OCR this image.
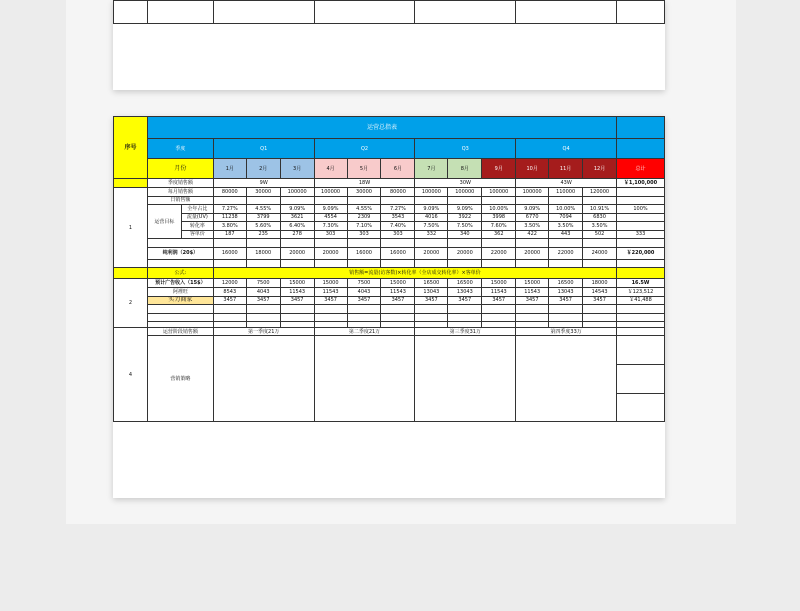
序号	运营总指表														
	季度		Q1			Q2			Q3			Q4			
	月份		1月	2月	3月	4月	5月	6月	7月	8月	9月	10月	11月	12月	总计
	季度销售额		9W			18W			30W			43W			￥1,100,000
1	每月销售额		80000	30000	100000	100000	30000	80000	100000	100000	100000	100000	110000	120000	
	日销售额														
	运营目标	全年占比	7.27%	4.55%	9.09%	9.09%	4.55%	7.27%	9.09%	9.09%	10.00%	9.09%	10.00%	10.91%	100%
		流量(UV)	11238	3799	3621	4554	2309	3543	4016	3922	3998	6770	7094	6830	
		转化率	3.80%	5.60%	6.40%	7.30%	7.10%	7.40%	7.50%	7.50%	7.60%	3.50%	3.50%	3.50%	
		客单价	187	235	278	303	303	303	332	340	362	422	443	502	333

	纯利润（20$）		16000	18000	20000	20000	16000	16000	20000	20000	22000	20000	22000	24000	￥220,000

	公式:		销售额=流量(访客数)×转化率（全店成交转化率）×客单价												
2	预计广告收入（15$）		12000	7500	15000	15000	7500	15000	16500	16500	15000	15000	16500	18000	16.5W
	阿裡旺		8543	4043	11543	11543	4043	11543	13043	13043	11543	11543	13043	14543	￥123,512
	实力商家		3457	3457	3457	3457	3457	3457	3457	3457	3457	3457	3457	3457	￥41,488

4	运营阶段销售额		第一季度21万			第二季度21万			第三季度31万			第四季度33万			
	营销策略														
